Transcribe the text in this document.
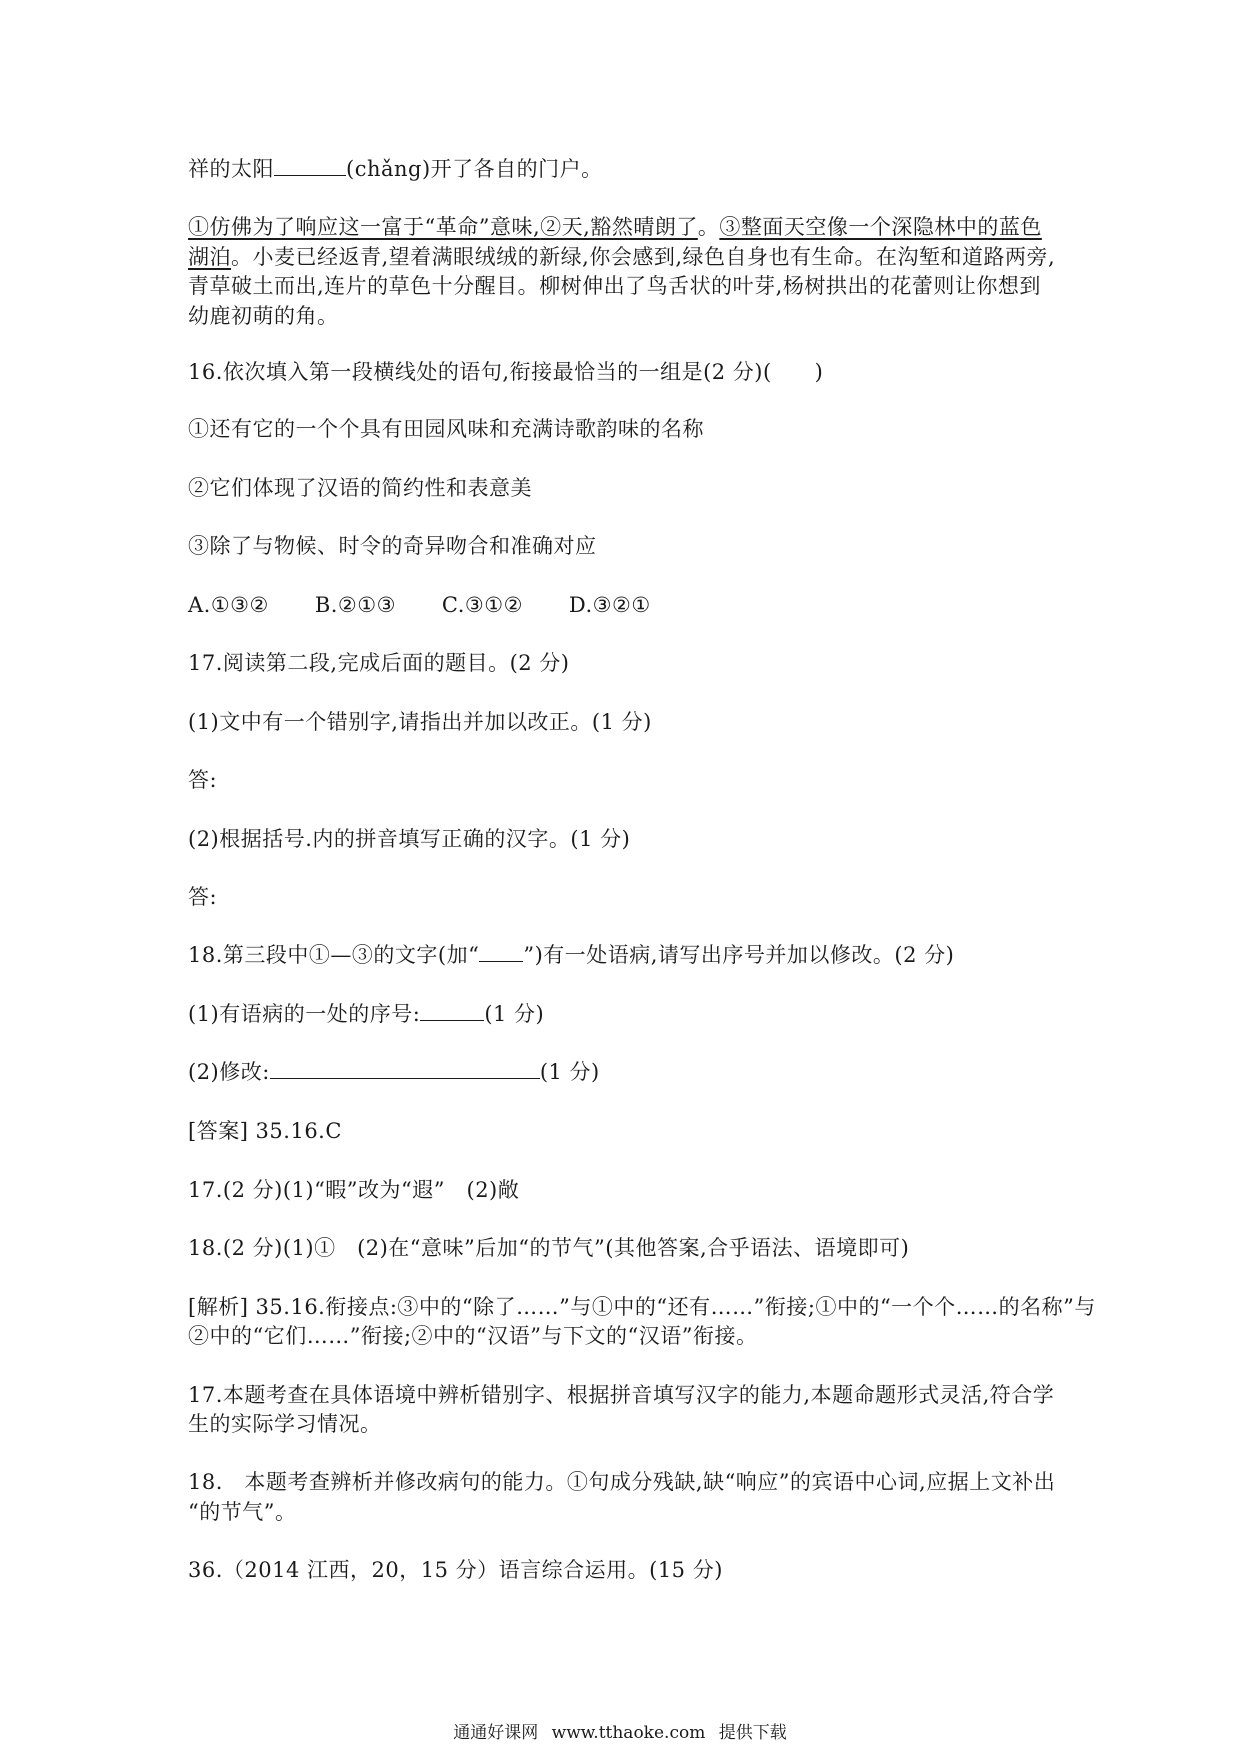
祥的太阳	(chǎng)开了各自的门户。
①仿佛为了响应这一富于“革命”意味,②天,豁然晴朗了。③整面天空像一个深隐林中的蓝色
湖泊。小麦已经返青,望着满眼绒绒的新绿,你会感到,绿色自身也有生命。在沟堑和道路两旁,
青草破土而出,连片的草色十分醒目。柳树伸出了鸟舌状的叶芽,杨树拱出的花蕾则让你想到
幼鹿初萌的角。
16.依次填入第一段横线处的语句,衔接最恰当的一组是(2 分)(　　)
①还有它的一个个具有田园风味和充满诗歌韵味的名称
②它们体现了汉语的简约性和表意美
③除了与物候、时令的奇异吻合和准确对应
A.①③② B.②①③ C.③①② D.③②①
17.阅读第二段,完成后面的题目。(2 分)
(1)文中有一个错别字,请指出并加以改正。(1 分)
答:
(2)根据括号.内的拼音填写正确的汉字。(1 分)
答:
18.第三段中①—③的文字(加“ ”)有一处语病,请写出序号并加以修改。(2 分)
(1)有语病的一处的序号:	(1 分)
(2)修改:	(1 分)
[答案] 35.16.C
17.(2 分)(1)“暇”改为“遐”　(2)敞
18.(2 分)(1)①　(2)在“意味”后加“的节气”(其他答案,合乎语法、语境即可)
[解析] 35.16.衔接点:③中的“除了……”与①中的“还有……”衔接;①中的“一个个……的名称”与
②中的“它们……”衔接;②中的“汉语”与下文的“汉语”衔接。
17.本题考查在具体语境中辨析错别字、根据拼音填写汉字的能力,本题命题形式灵活,符合学
生的实际学习情况。
18.　本题考查辨析并修改病句的能力。①句成分残缺,缺“响应”的宾语中心词,应据上文补出
“的节气”。
36.（2014 江西，20，15 分）语言综合运用。(15 分)
通通好课网 www.tthaoke.com 提供下载
